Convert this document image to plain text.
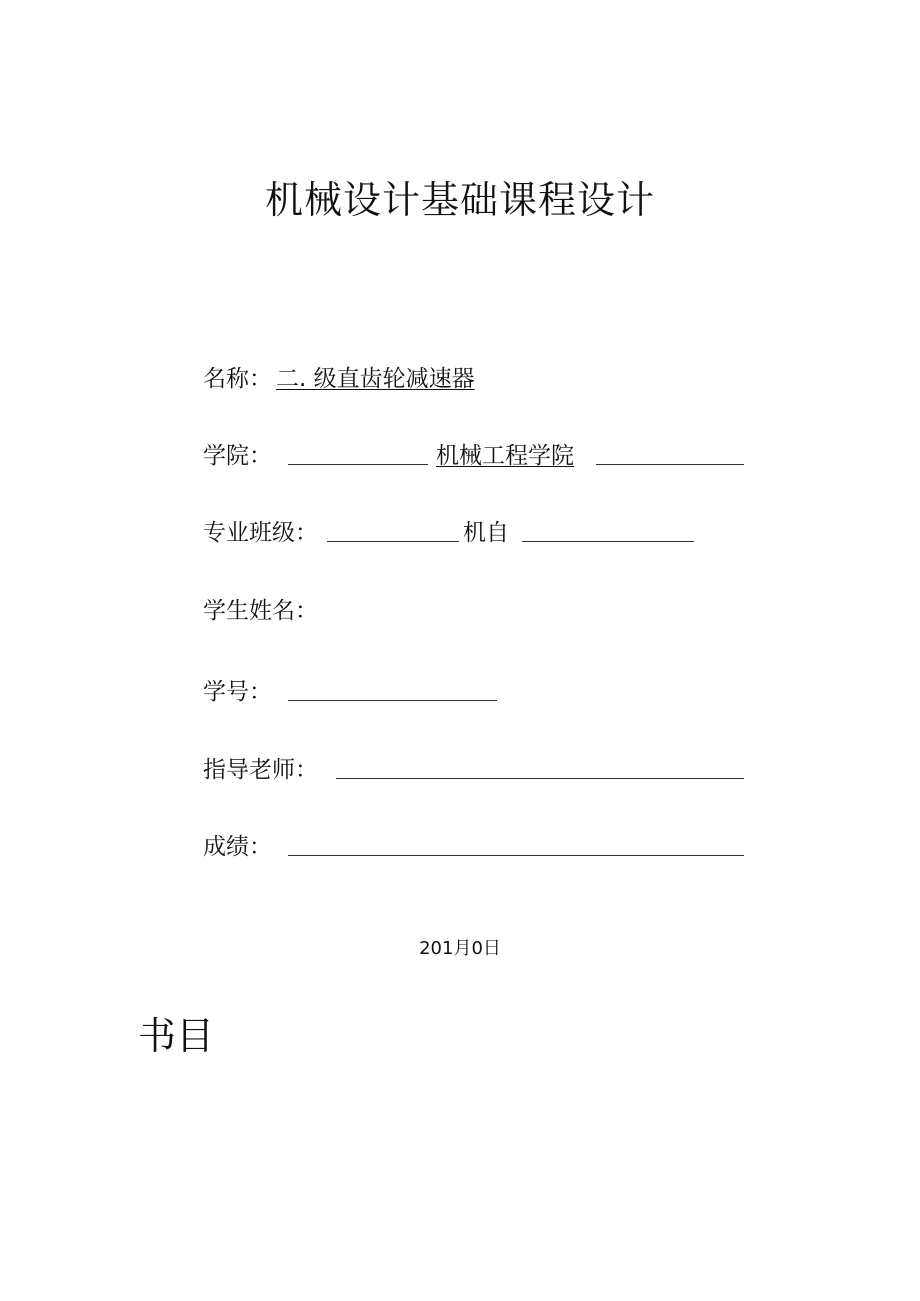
机械设计基础课程设计
名称： 二. 级直齿轮减速器
学院：	机械工程学院
专业班级：	机自
学生姓名：
学号：
指导老师：
成绩：
201月0日
书目
